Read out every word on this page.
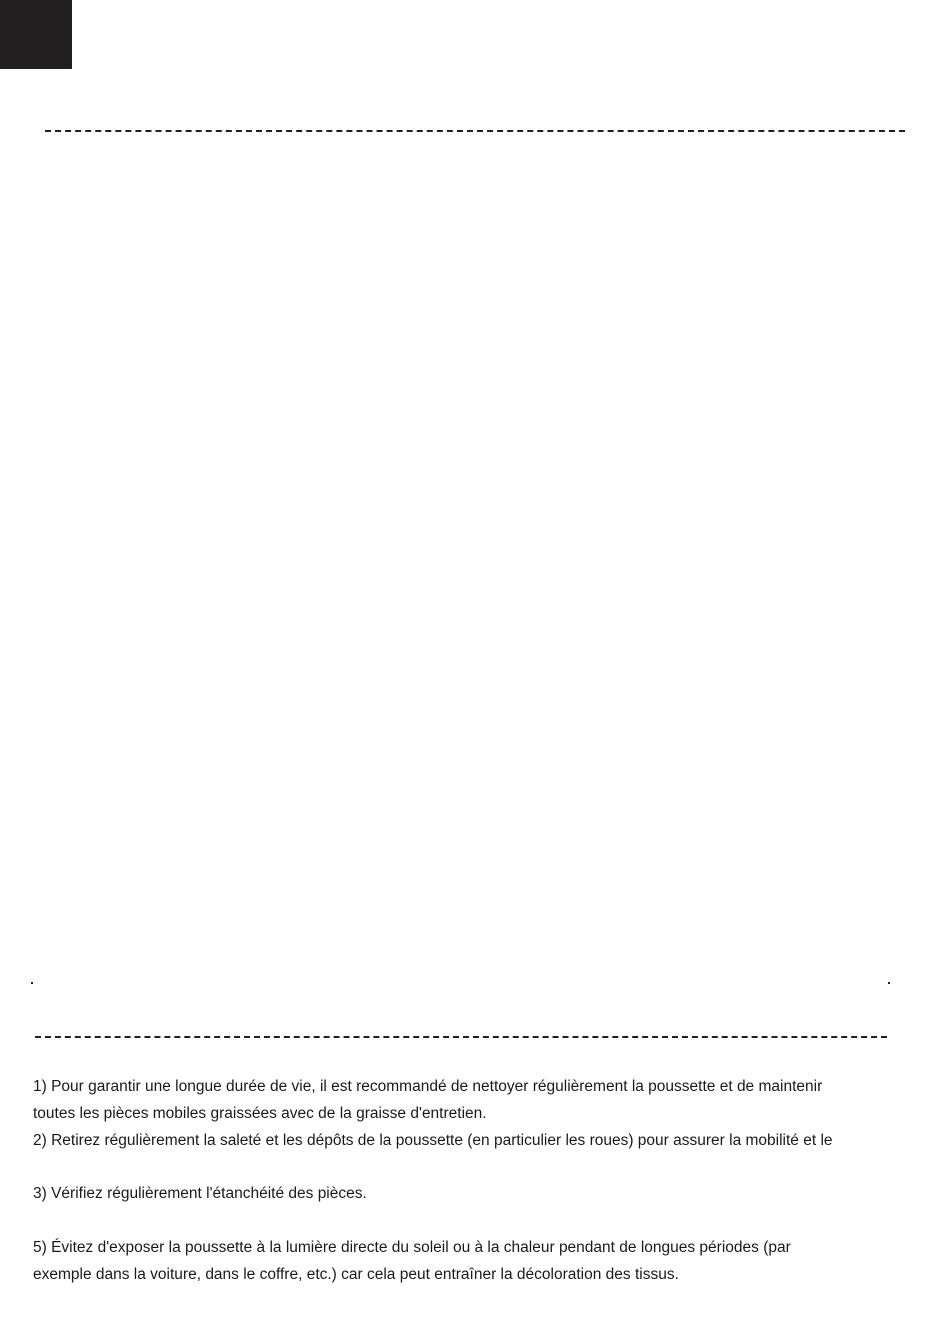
1) Pour garantir une longue durée de vie, il est recommandé de nettoyer régulièrement la poussette et de maintenir
toutes les pièces mobiles graissées avec de la graisse d'entretien.
2) Retirez régulièrement la saleté et les dépôts de la poussette (en particulier les roues) pour assurer la mobilité et le
3) Vérifiez régulièrement l'étanchéité des pièces.
5) Évitez d'exposer la poussette à la lumière directe du soleil ou à la chaleur pendant de longues périodes (par
exemple dans la voiture, dans le coffre, etc.) car cela peut entraîner la décoloration des tissus.
